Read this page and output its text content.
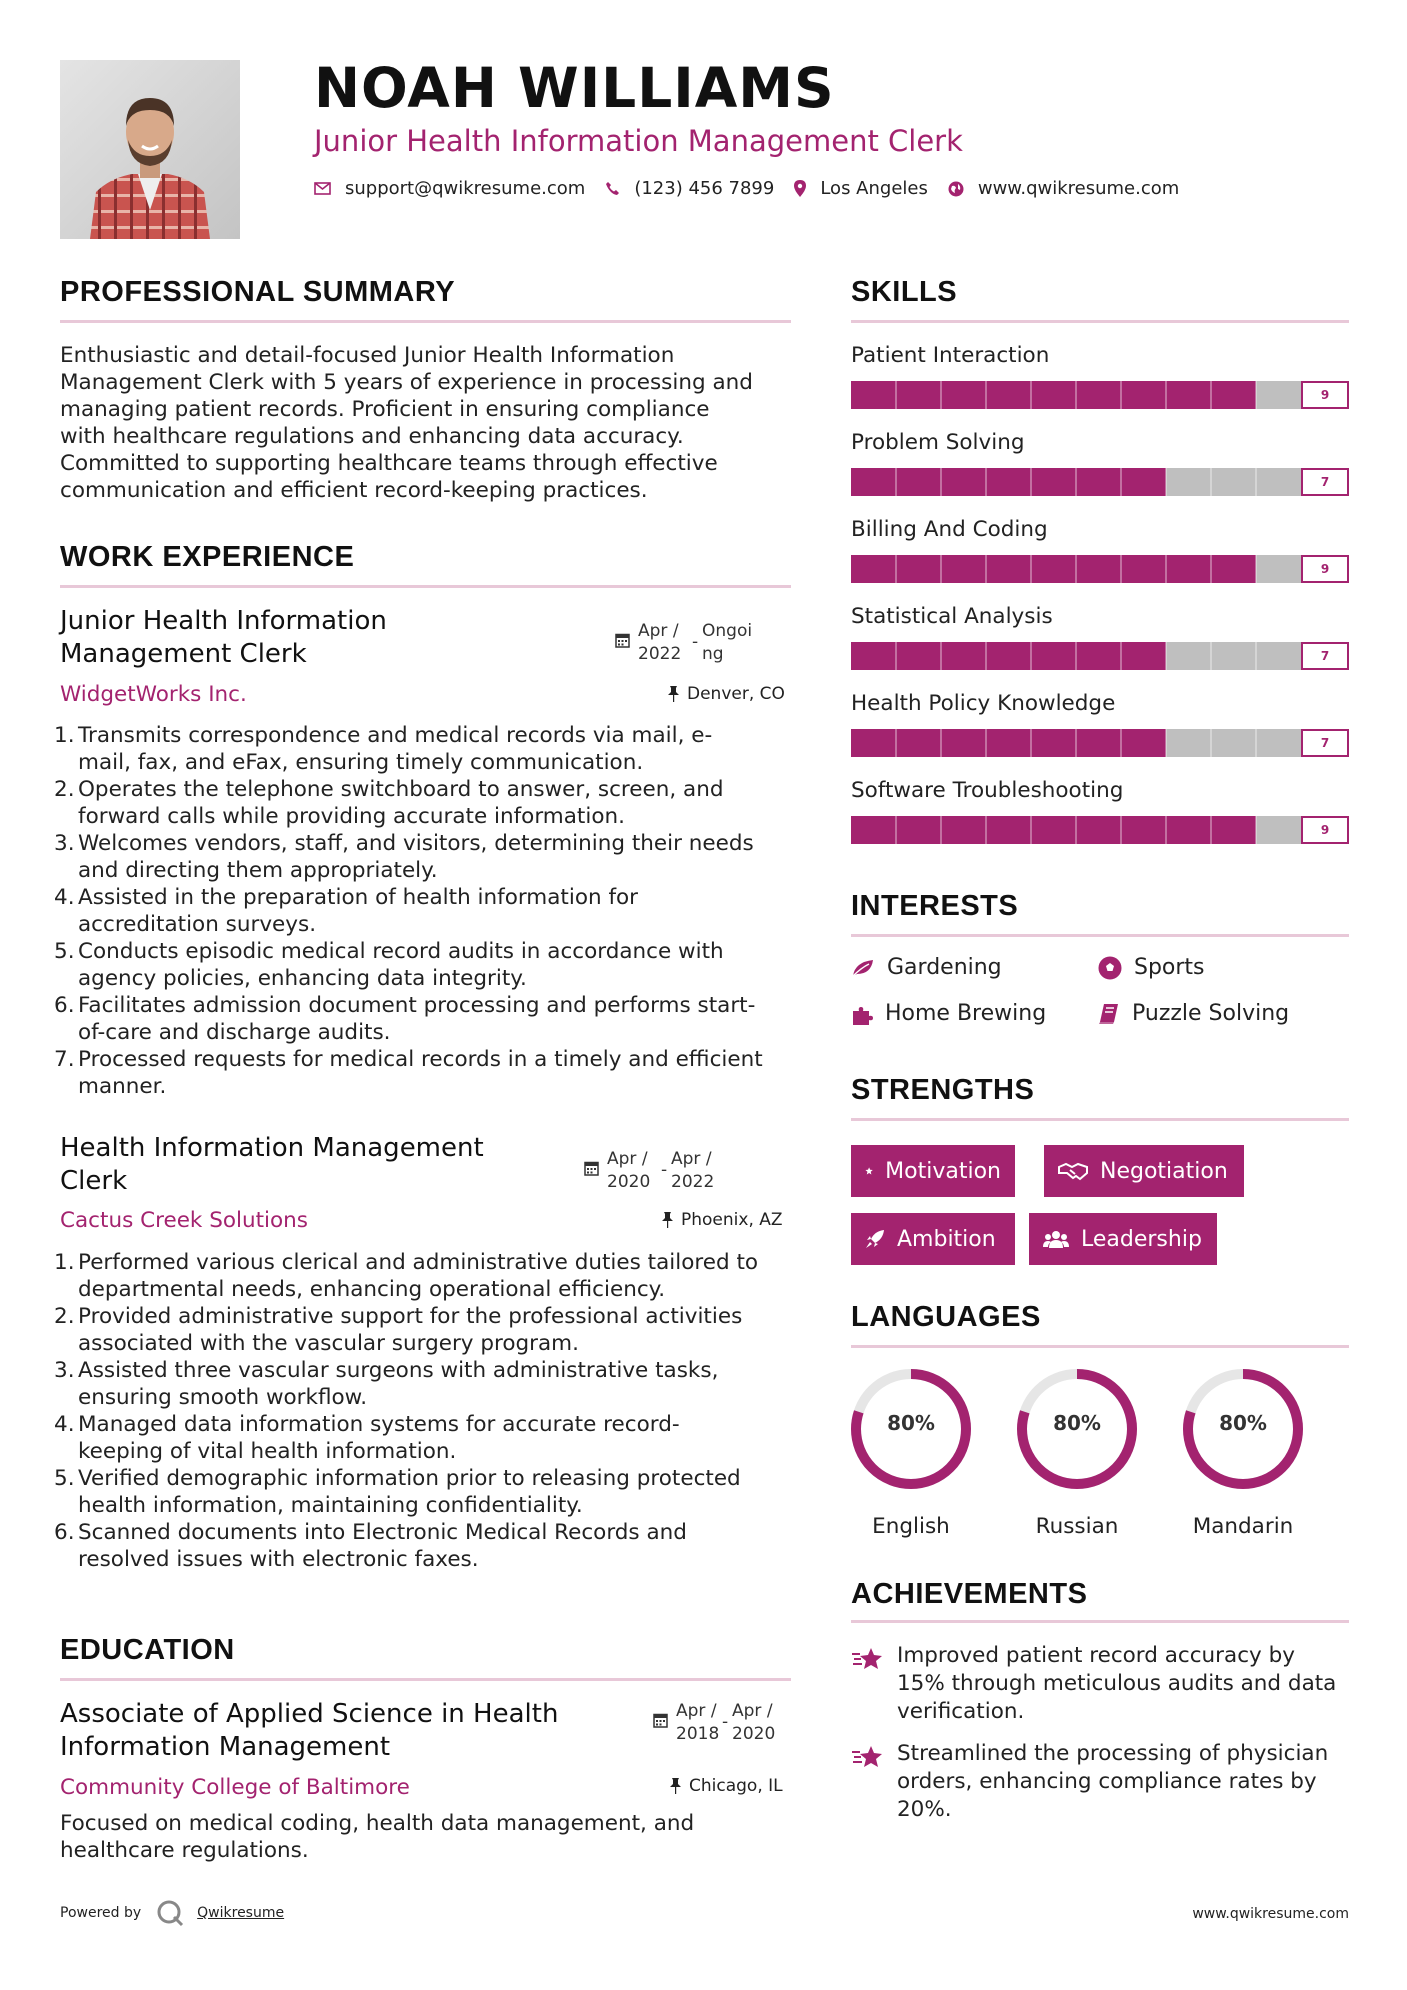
NOAH WILLIAMS
Junior Health Information Management Clerk
support@qwikresume.com	(123) 456 7899	Los Angeles	www.qwikresume.com
PROFESSIONAL SUMMARY
Enthusiastic and detail-focused Junior Health Information
Management Clerk with 5 years of experience in processing and
managing patient records. Proficient in ensuring compliance
with healthcare regulations and enhancing data accuracy.
Committed to supporting healthcare teams through effective
communication and efficient record-keeping practices.
WORK EXPERIENCE
Junior Health Information
Management Clerk
Apr /
2022
-
Ongoi
ng
WidgetWorks Inc.	Denver, CO
Transmits correspondence and medical records via mail, e-
mail, fax, and eFax, ensuring timely communication.
Operates the telephone switchboard to answer, screen, and
forward calls while providing accurate information.
Welcomes vendors, staff, and visitors, determining their needs
and directing them appropriately.
Assisted in the preparation of health information for
accreditation surveys.
Conducts episodic medical record audits in accordance with
agency policies, enhancing data integrity.
Facilitates admission document processing and performs start-
of-care and discharge audits.
Processed requests for medical records in a timely and efficient
manner.
Health Information Management
Clerk
Apr /
2020
-
Apr /
2022
Cactus Creek Solutions	Phoenix, AZ
Performed various clerical and administrative duties tailored to
departmental needs, enhancing operational efficiency.
Provided administrative support for the professional activities
associated with the vascular surgery program.
Assisted three vascular surgeons with administrative tasks,
ensuring smooth workflow.
Managed data information systems for accurate record-
keeping of vital health information.
Verified demographic information prior to releasing protected
health information, maintaining confidentiality.
Scanned documents into Electronic Medical Records and
resolved issues with electronic faxes.
EDUCATION
Associate of Applied Science in Health
Information Management
Apr /
2018
-
Apr /
2020
Community College of Baltimore	Chicago, IL
Focused on medical coding, health data management, and
healthcare regulations.
SKILLS
Patient Interaction
9
Problem Solving
7
Billing And Coding
9
Statistical Analysis
7
Health Policy Knowledge
7
Software Troubleshooting
9
INTERESTS
Gardening	Sports
Home Brewing	Puzzle Solving
STRENGTHS
Motivation	Negotiation
Ambition	Leadership
LANGUAGES
80%
English
80%
Russian
80%
Mandarin
ACHIEVEMENTS
Improved patient record accuracy by
15% through meticulous audits and data
verification.
Streamlined the processing of physician
orders, enhancing compliance rates by
20%.
Powered by	Qwikresume	www.qwikresume.com
